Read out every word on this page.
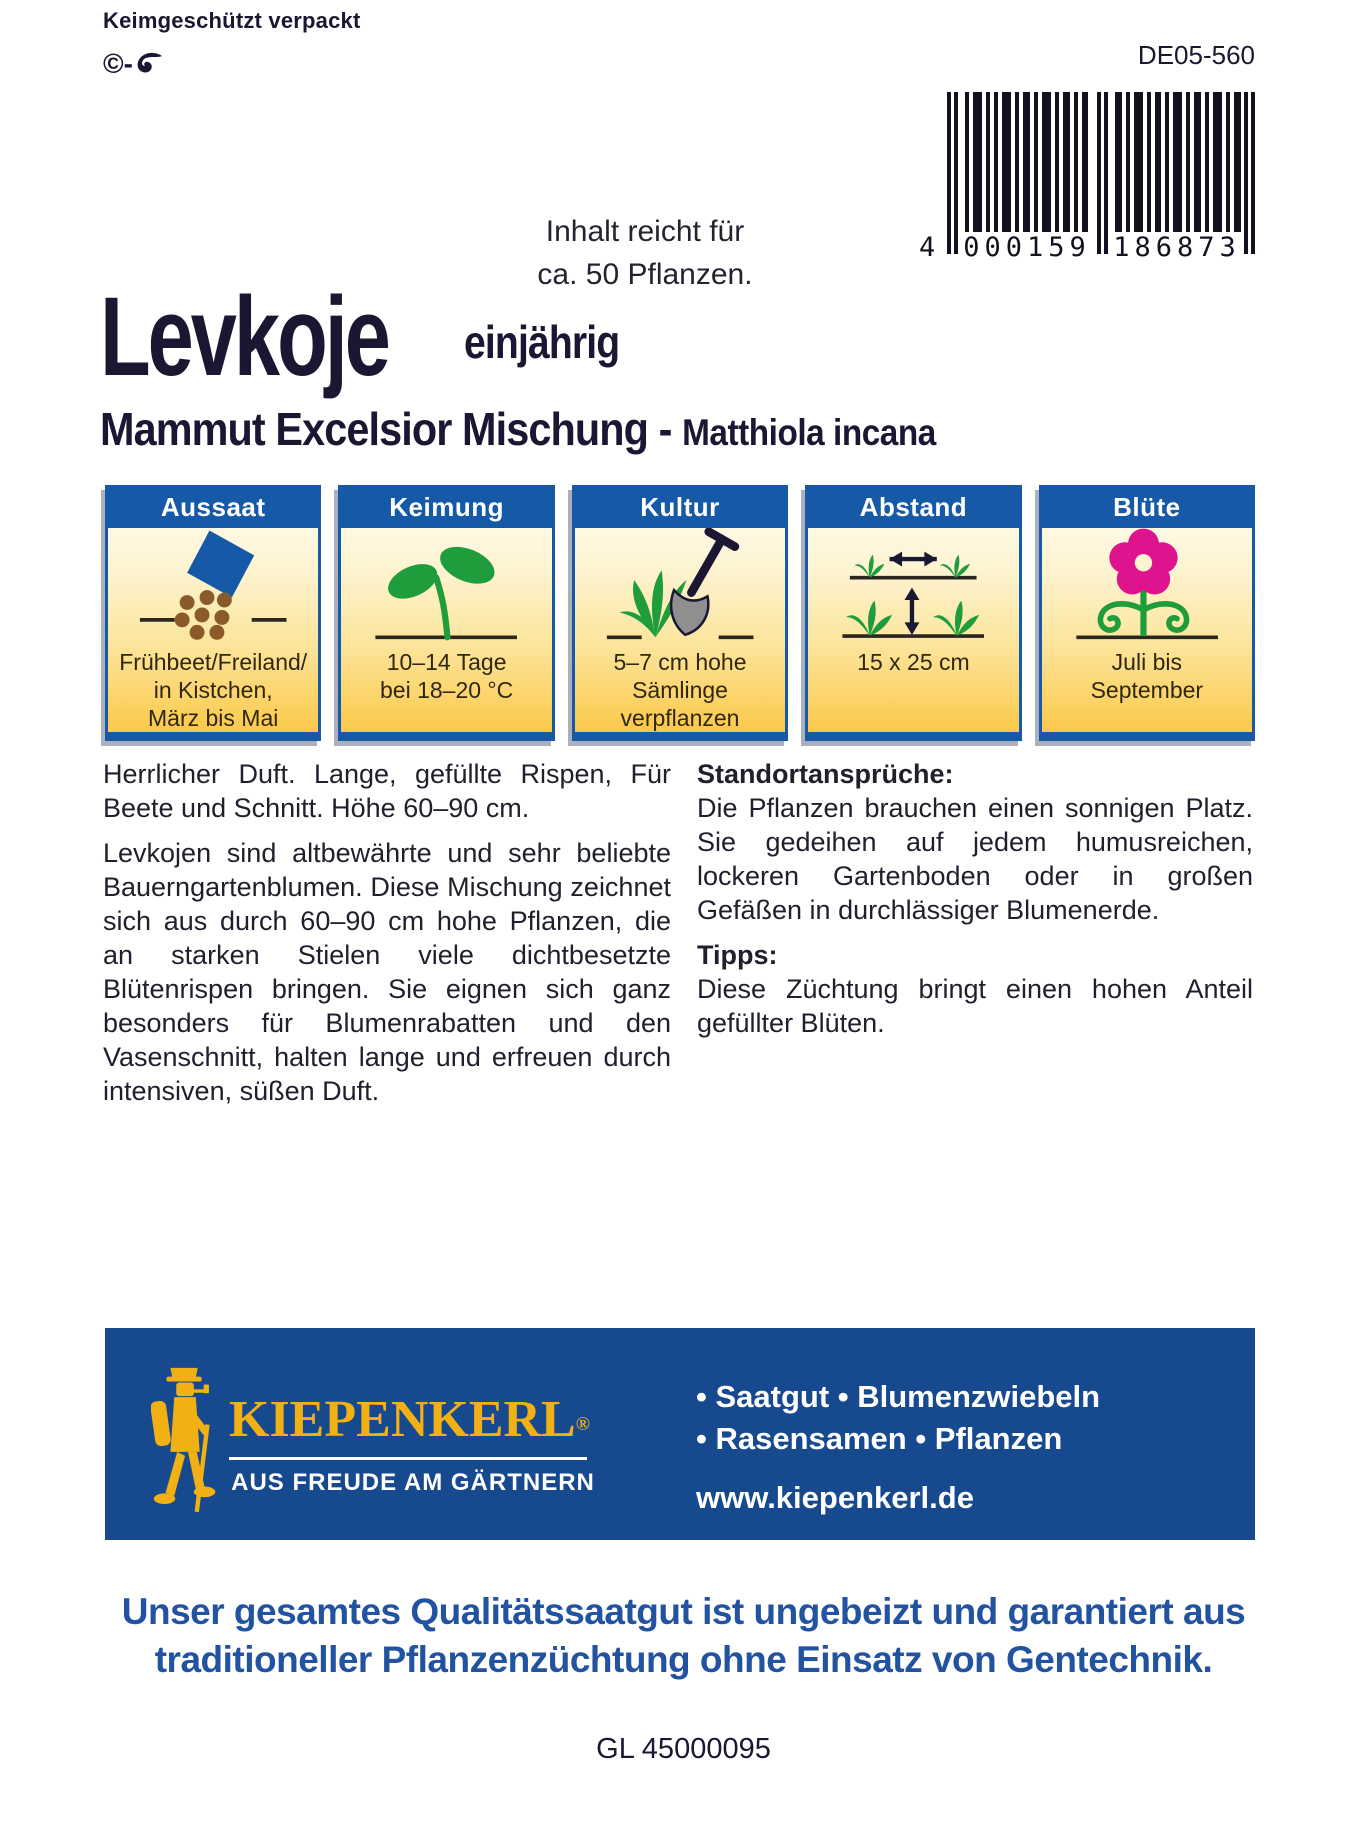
Keimgeschützt verpackt
©-	DE05-560
4 000159 186873
Inhalt reicht für
ca. 50 Pflanzen.
Levkoje einjährig
Mammut Excelsior Mischung - Matthiola incana
Aussaat
Frühbeet/Freiland/
in Kistchen,
März bis Mai
Keimung
10–14 Tage
bei 18–20 °C
Kultur
5–7 cm hohe
Sämlinge
verpflanzen
Abstand
15 x 25 cm
Blüte
Juli bis
September

Herrlicher Duft. Lange, gefüllte Rispen, Für Beete und Schnitt. Höhe 60–90 cm.

Levkojen sind altbewährte und sehr beliebte Bauerngartenblumen. Diese Mischung zeichnet sich aus durch 60–90 cm hohe Pflanzen, die an starken Stielen viele dichtbesetzte Blütenrispen bringen. Sie eignen sich ganz besonders für Blumenrabatten und den Vasenschnitt, halten lange und erfreuen durch intensiven, süßen Duft.

Standortansprüche:

Die Pflanzen brauchen einen sonnigen Platz. Sie gedeihen auf jedem humusreichen, lockeren Gartenboden oder in großen Gefäßen in durchlässiger Blumenerde.

Tipps:

Diese Züchtung bringt einen hohen Anteil gefüllter Blüten.

KIEPENKERL®
AUS FREUDE AM GÄRTNERN
• Saatgut • Blumenzwiebeln
• Rasensamen • Pflanzen
www.kiepenkerl.de
Unser gesamtes Qualitätssaatgut ist ungebeizt und garantiert aus
traditioneller Pflanzenzüchtung ohne Einsatz von Gentechnik.
GL 45000095
